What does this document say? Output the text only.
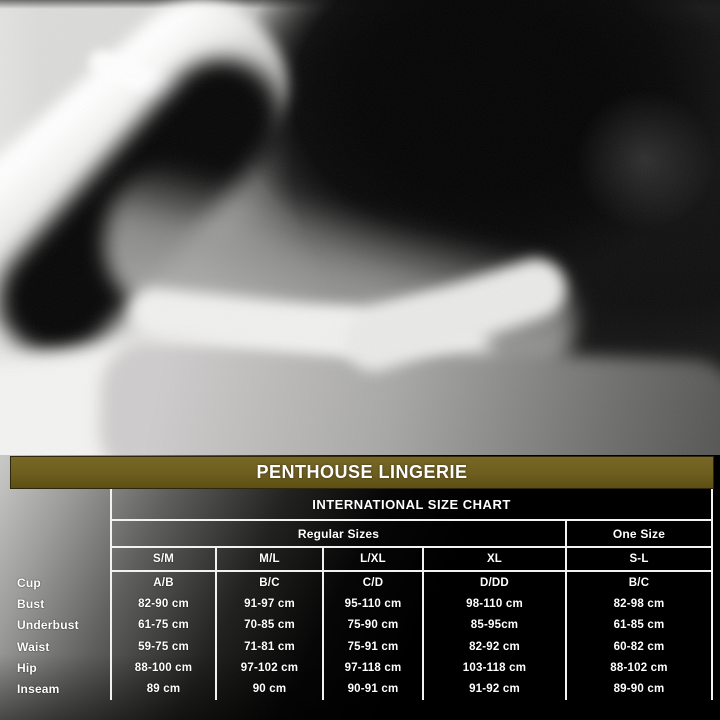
PENTHOUSE LINGERIE
INTERNATIONAL SIZE CHART
Regular Sizes	One Size
S/M	M/L	L/XL	XL	S-L
Cup	A/B	B/C	C/D	D/DD	B/C
Bust	82-90 cm	91-97 cm	95-110 cm	98-110 cm	82-98 cm
Underbust	61-75 cm	70-85 cm	75-90 cm	85-95cm	61-85 cm
Waist	59-75 cm	71-81 cm	75-91 cm	82-92 cm	60-82 cm
Hip	88-100 cm	97-102 cm	97-118 cm	103-118 cm	88-102 cm
Inseam	89 cm	90 cm	90-91 cm	91-92 cm	89-90 cm
